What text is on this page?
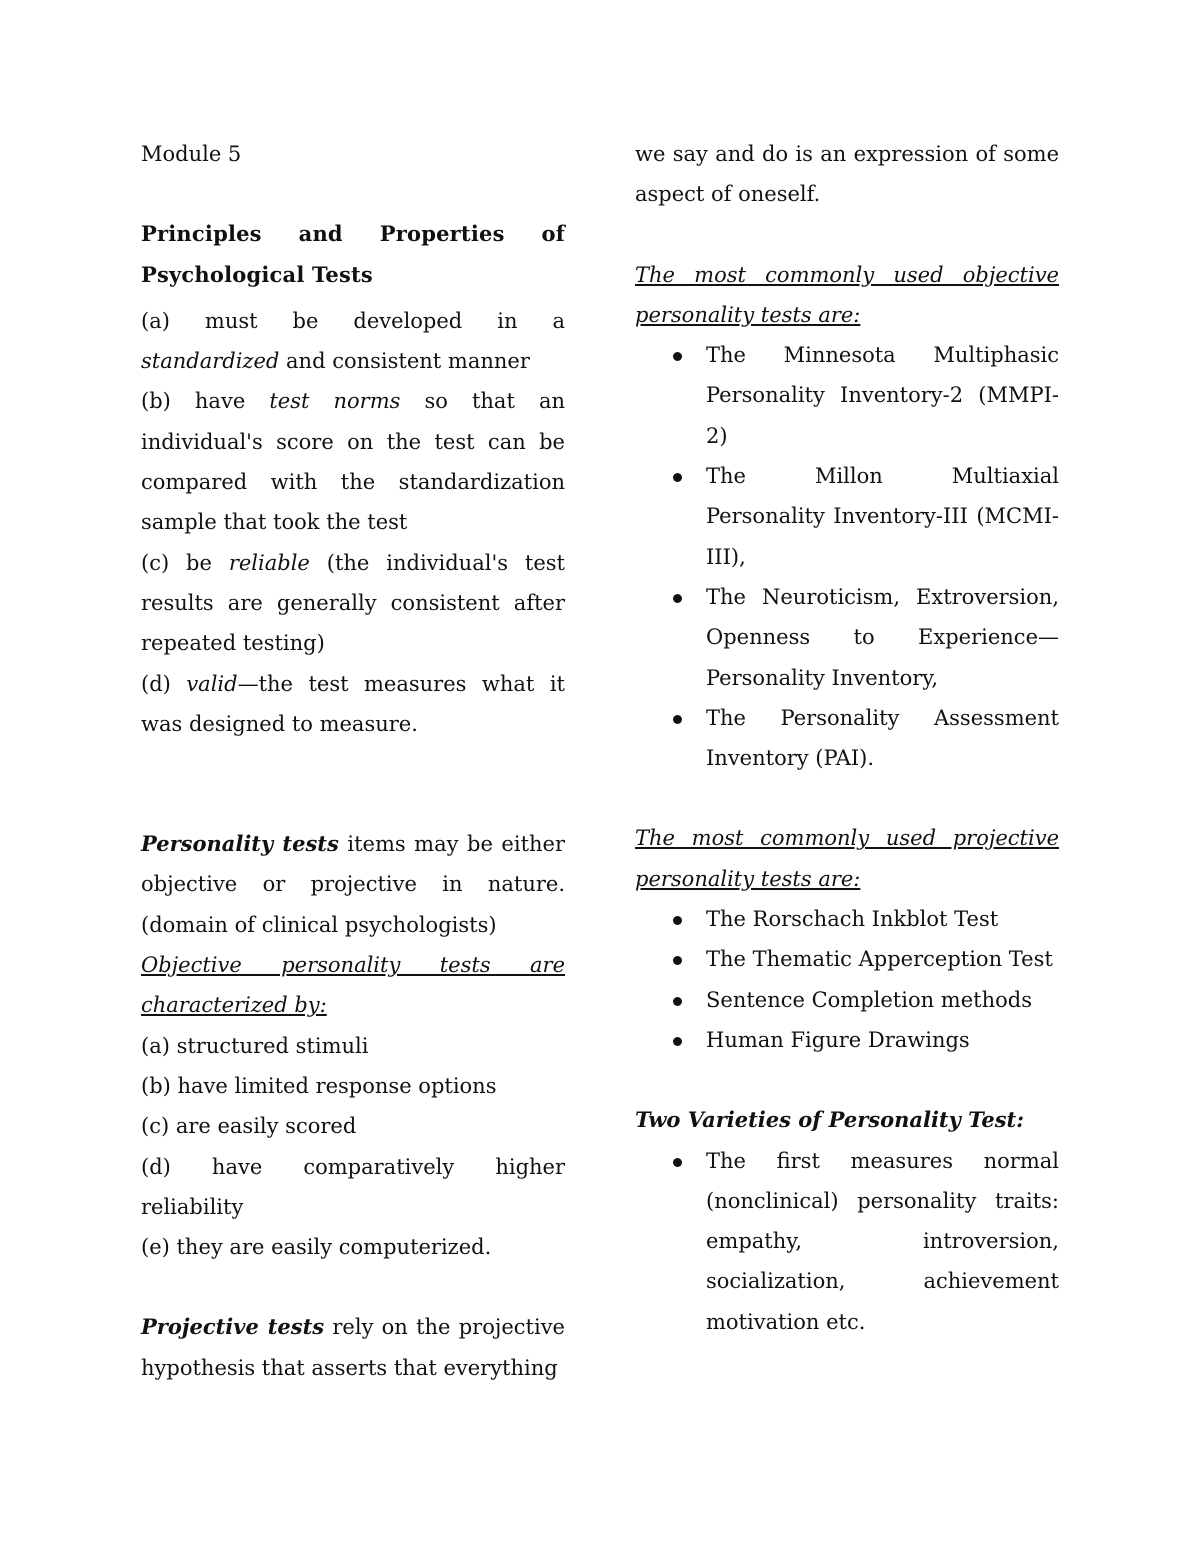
Module 5

Principles and Properties of Psychological Tests

(a) must be developed in a standardized and consistent manner

(b) have test norms so that an individual's score on the test can be compared with the standardization sample that took the test

(c) be reliable (the individual's test results are generally consistent after repeated testing)

(d) valid—the test measures what it was designed to measure.

Personality tests items may be either objective or projective in nature. (domain of clinical psychologists)

Objective personality tests are characterized by:

(a) structured stimuli

(b) have limited response options

(c) are easily scored

(d) have comparatively higher reliability

(e) they are easily computerized.

Projective tests rely on the projective hypothesis that asserts that everything

we say and do is an expression of some aspect of oneself.

The most commonly used objective personality tests are:

The Minnesota Multiphasic Personality Inventory-2 (MMPI-2)
The Millon Multiaxial Personality Inventory-III (MCMI-III),
The Neuroticism, Extroversion, Openness to Experience—Personality Inventory,
The Personality Assessment Inventory (PAI).

The most commonly used projective personality tests are:

The Rorschach Inkblot Test
The Thematic Apperception Test
Sentence Completion methods
Human Figure Drawings

Two Varieties of Personality Test:

The first measures normal (nonclinical) personality traits: empathy, introversion, socialization, achievement motivation etc.
